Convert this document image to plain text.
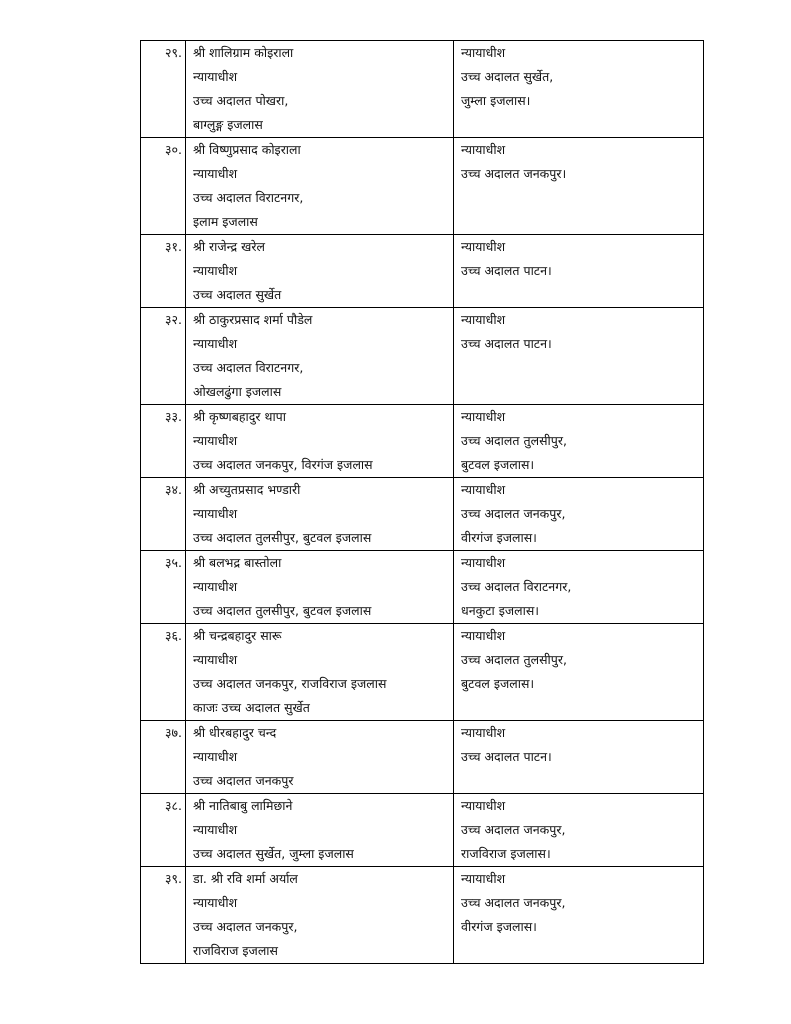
२९.	श्री शालिग्राम कोइराला
न्यायाधीश
उच्च अदालत पोखरा,
बाग्लुङ्ग इजलास	न्यायाधीश
उच्च अदालत सुर्खेत,
जुम्ला इजलास।

३०.	श्री विष्णुप्रसाद कोइराला
न्यायाधीश
उच्च अदालत विराटनगर,
इलाम इजलास	न्यायाधीश
उच्च अदालत जनकपुर।

३१.	श्री राजेन्द्र खरेल
न्यायाधीश
उच्च अदालत सुर्खेत	न्यायाधीश
उच्च अदालत पाटन।

३२.	श्री ठाकुरप्रसाद शर्मा पौडेल
न्यायाधीश
उच्च अदालत विराटनगर,
ओखलढुंगा इजलास	न्यायाधीश
उच्च अदालत पाटन।

३३.	श्री कृष्णबहादुर थापा
न्यायाधीश
उच्च अदालत जनकपुर, विरगंज इजलास	न्यायाधीश
उच्च अदालत तुलसीपुर,
बुटवल इजलास।

३४.	श्री अच्युतप्रसाद भण्डारी
न्यायाधीश
उच्च अदालत तुलसीपुर, बुटवल इजलास	न्यायाधीश
उच्च अदालत जनकपुर,
वीरगंज इजलास।

३५.	श्री बलभद्र बास्तोला
न्यायाधीश
उच्च अदालत तुलसीपुर, बुटवल इजलास	न्यायाधीश
उच्च अदालत विराटनगर,
धनकुटा इजलास।

३६.	श्री चन्द्रबहादुर सारू
न्यायाधीश
उच्च अदालत जनकपुर, राजविराज इजलास
काजः उच्च अदालत सुर्खेत	न्यायाधीश
उच्च अदालत तुलसीपुर,
बुटवल इजलास।

३७.	श्री धीरबहादुर चन्द
न्यायाधीश
उच्च अदालत जनकपुर	न्यायाधीश
उच्च अदालत पाटन।

३८.	श्री नातिबाबु लामिछाने
न्यायाधीश
उच्च अदालत सुर्खेत, जुम्ला इजलास	न्यायाधीश
उच्च अदालत जनकपुर,
राजविराज इजलास।

३९.	डा. श्री रवि शर्मा अर्याल
न्यायाधीश
उच्च अदालत जनकपुर,
राजविराज इजलास	न्यायाधीश
उच्च अदालत जनकपुर,
वीरगंज इजलास।
